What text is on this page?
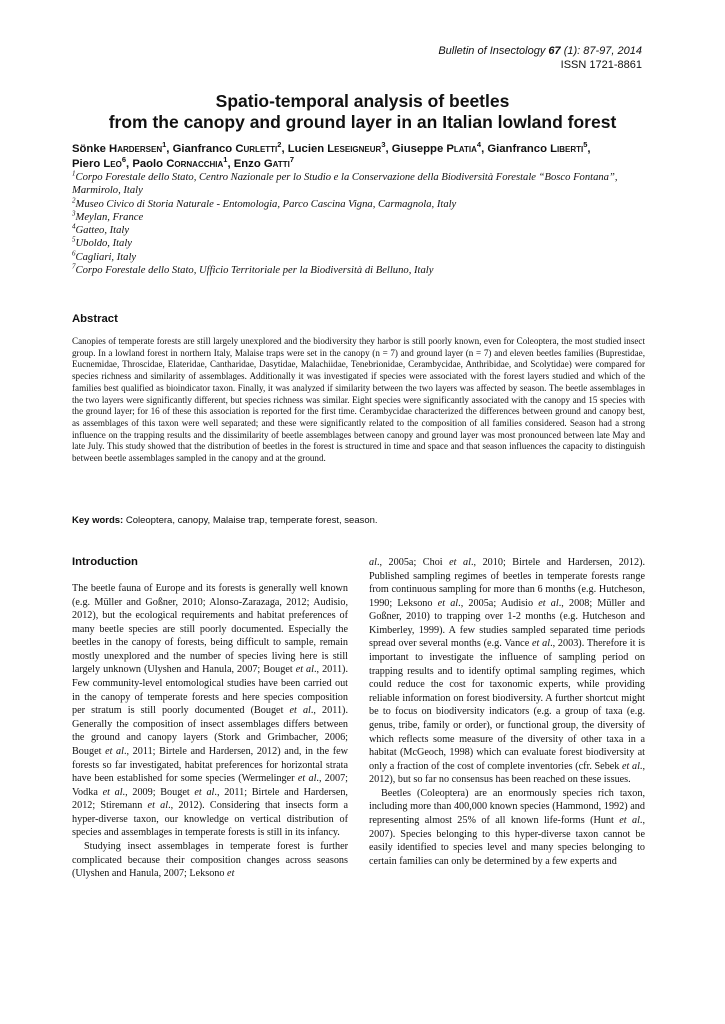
Bulletin of Insectology 67 (1): 87-97, 2014
ISSN 1721-8861
Spatio-temporal analysis of beetles
from the canopy and ground layer in an Italian lowland forest
Sönke Hardersen$^1$, Gianfranco Curletti$^2$, Lucien Leseigneur$^3$, Giuseppe Platia$^4$, Gianfranco Liberti$^5$,
Piero Leo$^6$, Paolo Cornacchia$^1$, Enzo Gatti$^7$
$^1$Corpo Forestale dello Stato, Centro Nazionale per lo Studio e la Conservazione della Biodiversità Forestale “Bosco Fontana”, Marmirolo, Italy
$^2$Museo Civico di Storia Naturale - Entomologia, Parco Cascina Vigna, Carmagnola, Italy
$^3$Meylan, France
$^4$Gatteo, Italy
$^5$Uboldo, Italy
$^6$Cagliari, Italy
$^7$Corpo Forestale dello Stato, Ufficio Territoriale per la Biodiversità di Belluno, Italy
Abstract
Canopies of temperate forests are still largely unexplored and the biodiversity they harbor is still poorly known, even for Coleoptera, the most studied insect group. In a lowland forest in northern Italy, Malaise traps were set in the canopy (n = 7) and ground layer (n = 7) and eleven beetles families (Buprestidae, Eucnemidae, Throscidae, Elateridae, Cantharidae, Dasytidae, Malachiidae, Tenebrionidae, Cerambycidae, Anthribidae, and Scolytidae) were compared for species richness and similarity of assemblages. Additionally it was investigated if species were associated with the forest layers studied and which of the families best qualified as bioindicator taxon. Finally, it was analyzed if similarity between the two layers was affected by season. The beetle assemblages in the two layers were significantly different, but species richness was similar. Eight species were significantly associated with the canopy and 15 species with the ground layer; for 16 of these this association is reported for the first time. Cerambycidae characterized the differences between ground and canopy best, as assemblages of this taxon were well separated; and these were significantly related to the composition of all families considered. Season had a strong influence on the trapping results and the dissimilarity of beetle assemblages between canopy and ground layer was most pronounced between late May and late July. This study showed that the distribution of beetles in the forest is structured in time and space and that season influences the capacity to distinguish between beetle assemblages sampled in the canopy and at the ground.
Key words: Coleoptera, canopy, Malaise trap, temperate forest, season.
Introduction

The beetle fauna of Europe and its forests is generally well known (e.g. Müller and Goßner, 2010; Alonso-Zarazaga, 2012; Audisio, 2012), but the ecological requirements and habitat preferences of many beetle species are still poorly documented. Especially the beetles in the canopy of forests, being difficult to sample, remain mostly unexplored and the number of species living here is still largely unknown (Ulyshen and Hanula, 2007; Bouget et al., 2011). Few community-level entomological studies have been carried out in the canopy of temperate forests and here species composition per stratum is still poorly documented (Bouget et al., 2011). Generally the composition of insect assemblages differs between the ground and canopy layers (Stork and Grimbacher, 2006; Bouget et al., 2011; Birtele and Hardersen, 2012) and, in the few forests so far investigated, habitat preferences for horizontal strata have been established for some species (Wermelinger et al., 2007; Vodka et al., 2009; Bouget et al., 2011; Birtele and Hardersen, 2012; Stiremann et al., 2012). Considering that insects form a hyper-diverse taxon, our knowledge on vertical distribution of species and assemblages in temperate forests is still in its infancy.

Studying insect assemblages in temperate forest is further complicated because their composition changes across seasons (Ulyshen and Hanula, 2007; Leksono et

al., 2005a; Choi et al., 2010; Birtele and Hardersen, 2012). Published sampling regimes of beetles in temperate forests range from continuous sampling for more than 6 months (e.g. Hutcheson, 1990; Leksono et al., 2005a; Audisio et al., 2008; Müller and Goßner, 2010) to trapping over 1-2 months (e.g. Hutcheson and Kimberley, 1999). A few studies sampled separated time periods spread over several months (e.g. Vance et al., 2003). Therefore it is important to investigate the influence of sampling period on trapping results and to identify optimal sampling regimes, which could reduce the cost for taxonomic experts, while providing reliable information on forest biodiversity. A further shortcut might be to focus on biodiversity indicators (e.g. a group of taxa (e.g. genus, tribe, family or order), or functional group, the diversity of which reflects some measure of the diversity of other taxa in a habitat (McGeoch, 1998) which can evaluate forest biodiversity at only a fraction of the cost of complete inventories (cfr. Sebek et al., 2012), but so far no consensus has been reached on these issues.

Beetles (Coleoptera) are an enormously species rich taxon, including more than 400,000 known species (Hammond, 1992) and representing almost 25% of all known life-forms (Hunt et al., 2007). Species belonging to this hyper-diverse taxon cannot be easily identified to species level and many species belonging to certain families can only be determined by a few experts and
